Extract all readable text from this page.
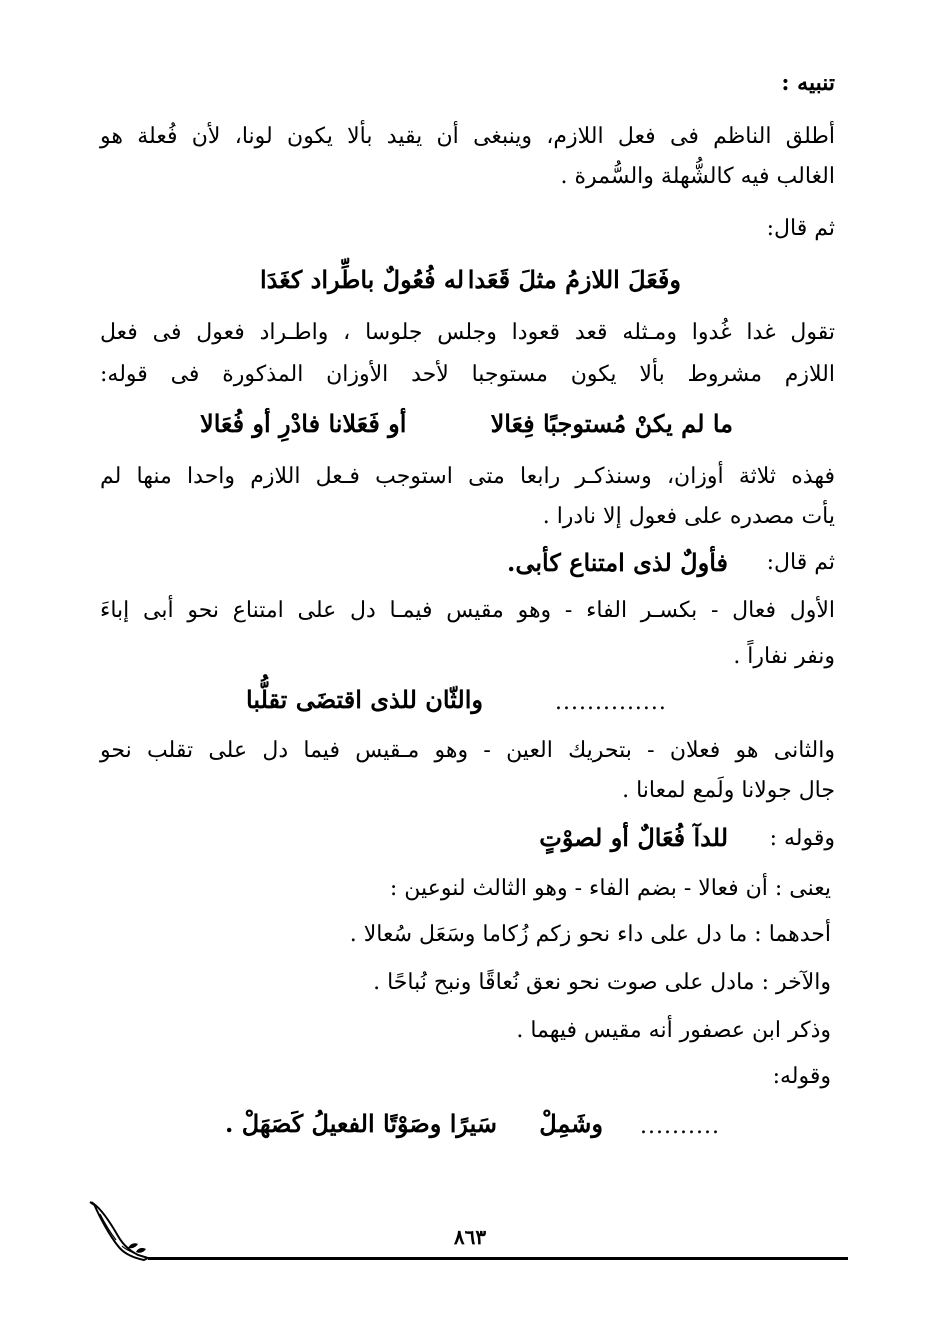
تنبيه :
أطلق الناظم فى فعل اللازم، وينبغى أن يقيد بألا يكون لونا، لأن فُعلة هو
الغالب فيه كالشُّهلة والسُّمرة .
ثم قال:
وفَعَلَ اللازمُ مثلَ قَعَدا
له فُعُولٌ باطِّراد كغَدَا
تقول غدا غُدوا ومـثله قعد قعودا وجلس جلوسا ، واطـراد فعول فى فعل
اللازم مشروط بألا يكون مستوجبا لأحد الأوزان المذكورة فى قوله:
ما لم يكنْ مُستوجبًا فِعَالا
أو فَعَلانا فادْرِ أو فُعَالا
فهذه ثلاثة أوزان، وسنذكـر رابعا متى استوجب فـعل اللازم واحدا منها لم
يأت مصدره على فعول إلا نادرا .
ثم قال:
فأولٌ لذى امتناع كأبى.
الأول فعال - بكسـر الفاء - وهو مقيس فيمـا دل على امتناع نحو أبى إباءَ
ونفر نفاراً .
..............
والثّان للذى اقتضَى تقلُّبا
والثانى هو فعلان - بتحريك العين - وهو مـقيس فيما دل على تقلب نحو
جال جولانا ولَمع لمعانا .
وقوله :
للدآ فُعَالٌ أو لصوْتٍ
يعنى : أن فعالا - بضم الفاء - وهو الثالث لنوعين :
أحدهما : ما دل على داء نحو زكم زُكاما وسَعَل سُعالا .
والآخر : مادل على صوت نحو نعق نُعاقًا ونبح نُباحًا .
وذكر ابن عصفور أنه مقيس فيهما .
وقوله:
..........
وشَمِلْ
سَيرًا وصَوْتًا الفعيلُ كَصَهَلْ .
٨٦٣
